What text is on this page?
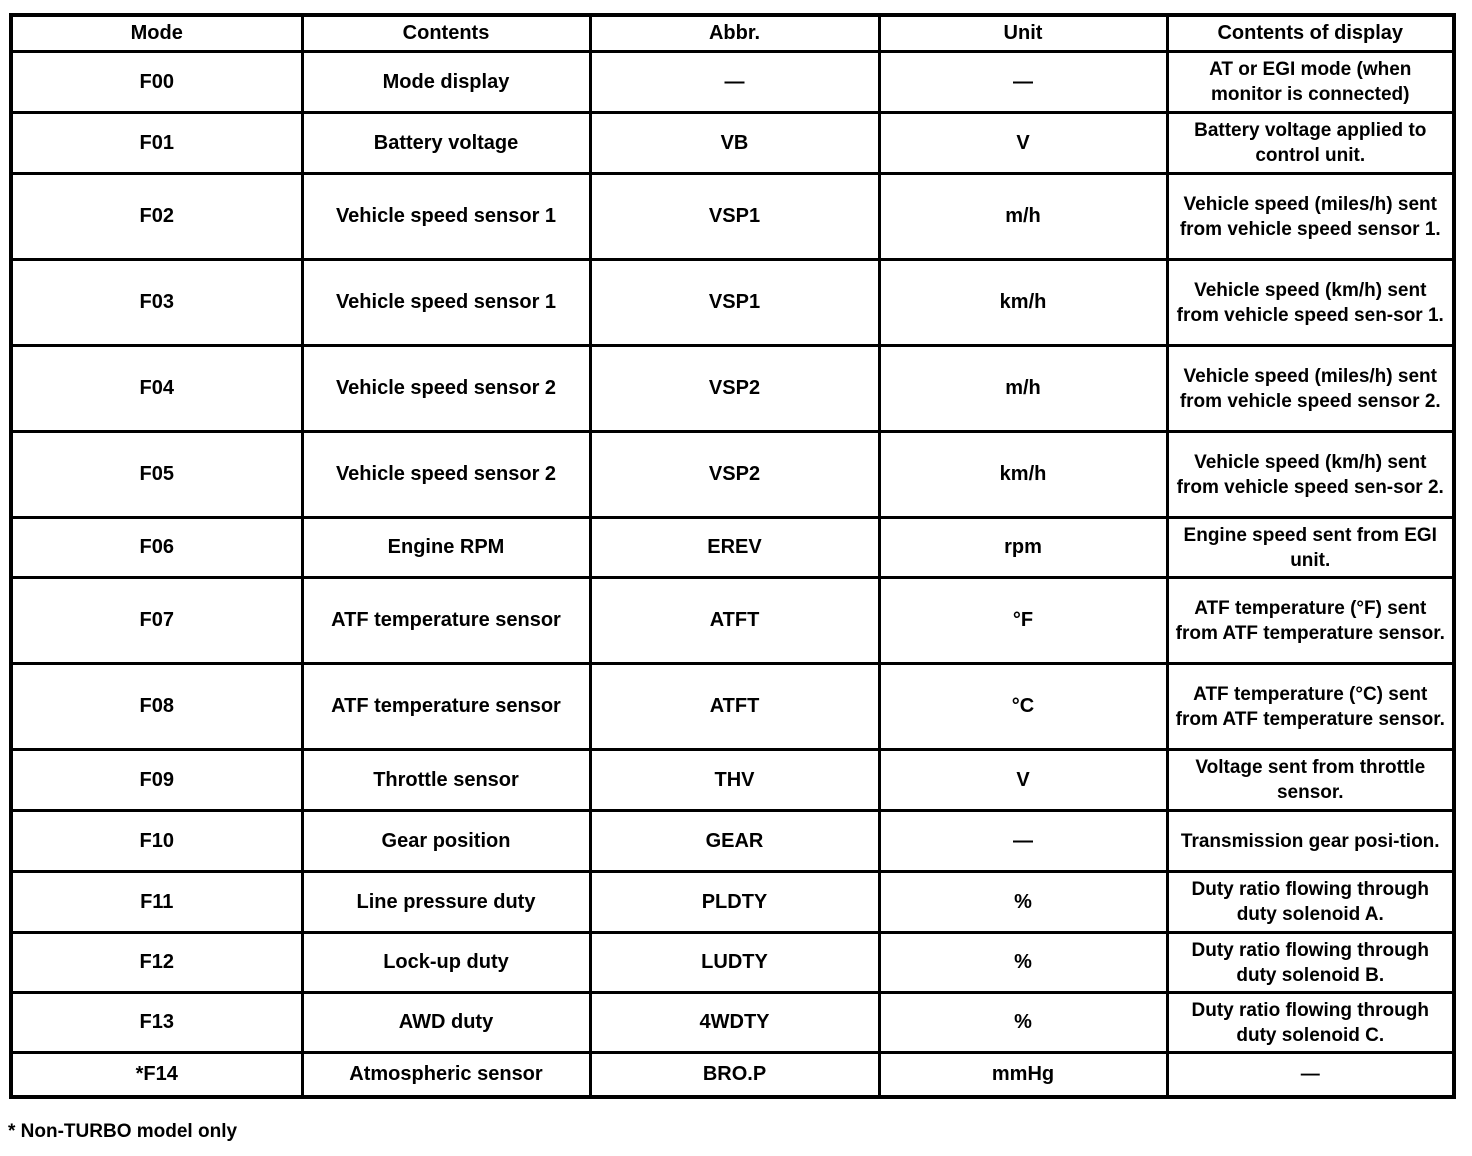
Mode	Contents	Abbr.	Unit	Contents of display
F00	Mode display	—	—	AT or EGI mode (when monitor is connected)
F01	Battery voltage	VB	V	Battery voltage applied to control unit.
F02	Vehicle speed sensor 1	VSP1	m/h	Vehicle speed (miles/h) sent from vehicle speed sensor 1.
F03	Vehicle speed sensor 1	VSP1	km/h	Vehicle speed (km/h) sent from vehicle speed sen-sor 1.
F04	Vehicle speed sensor 2	VSP2	m/h	Vehicle speed (miles/h) sent from vehicle speed sensor 2.
F05	Vehicle speed sensor 2	VSP2	km/h	Vehicle speed (km/h) sent from vehicle speed sen-sor 2.
F06	Engine RPM	EREV	rpm	Engine speed sent from EGI unit.
F07	ATF temperature sensor	ATFT	°F	ATF temperature (°F) sent from ATF temperature sensor.
F08	ATF temperature sensor	ATFT	°C	ATF temperature (°C) sent from ATF temperature sensor.
F09	Throttle sensor	THV	V	Voltage sent from throttle sensor.
F10	Gear position	GEAR	—	Transmission gear posi-tion.
F11	Line pressure duty	PLDTY	%	Duty ratio flowing through duty solenoid A.
F12	Lock-up duty	LUDTY	%	Duty ratio flowing through duty solenoid B.
F13	AWD duty	4WDTY	%	Duty ratio flowing through duty solenoid C.
*F14	Atmospheric sensor	BRO.P	mmHg	—
* Non-TURBO model only
